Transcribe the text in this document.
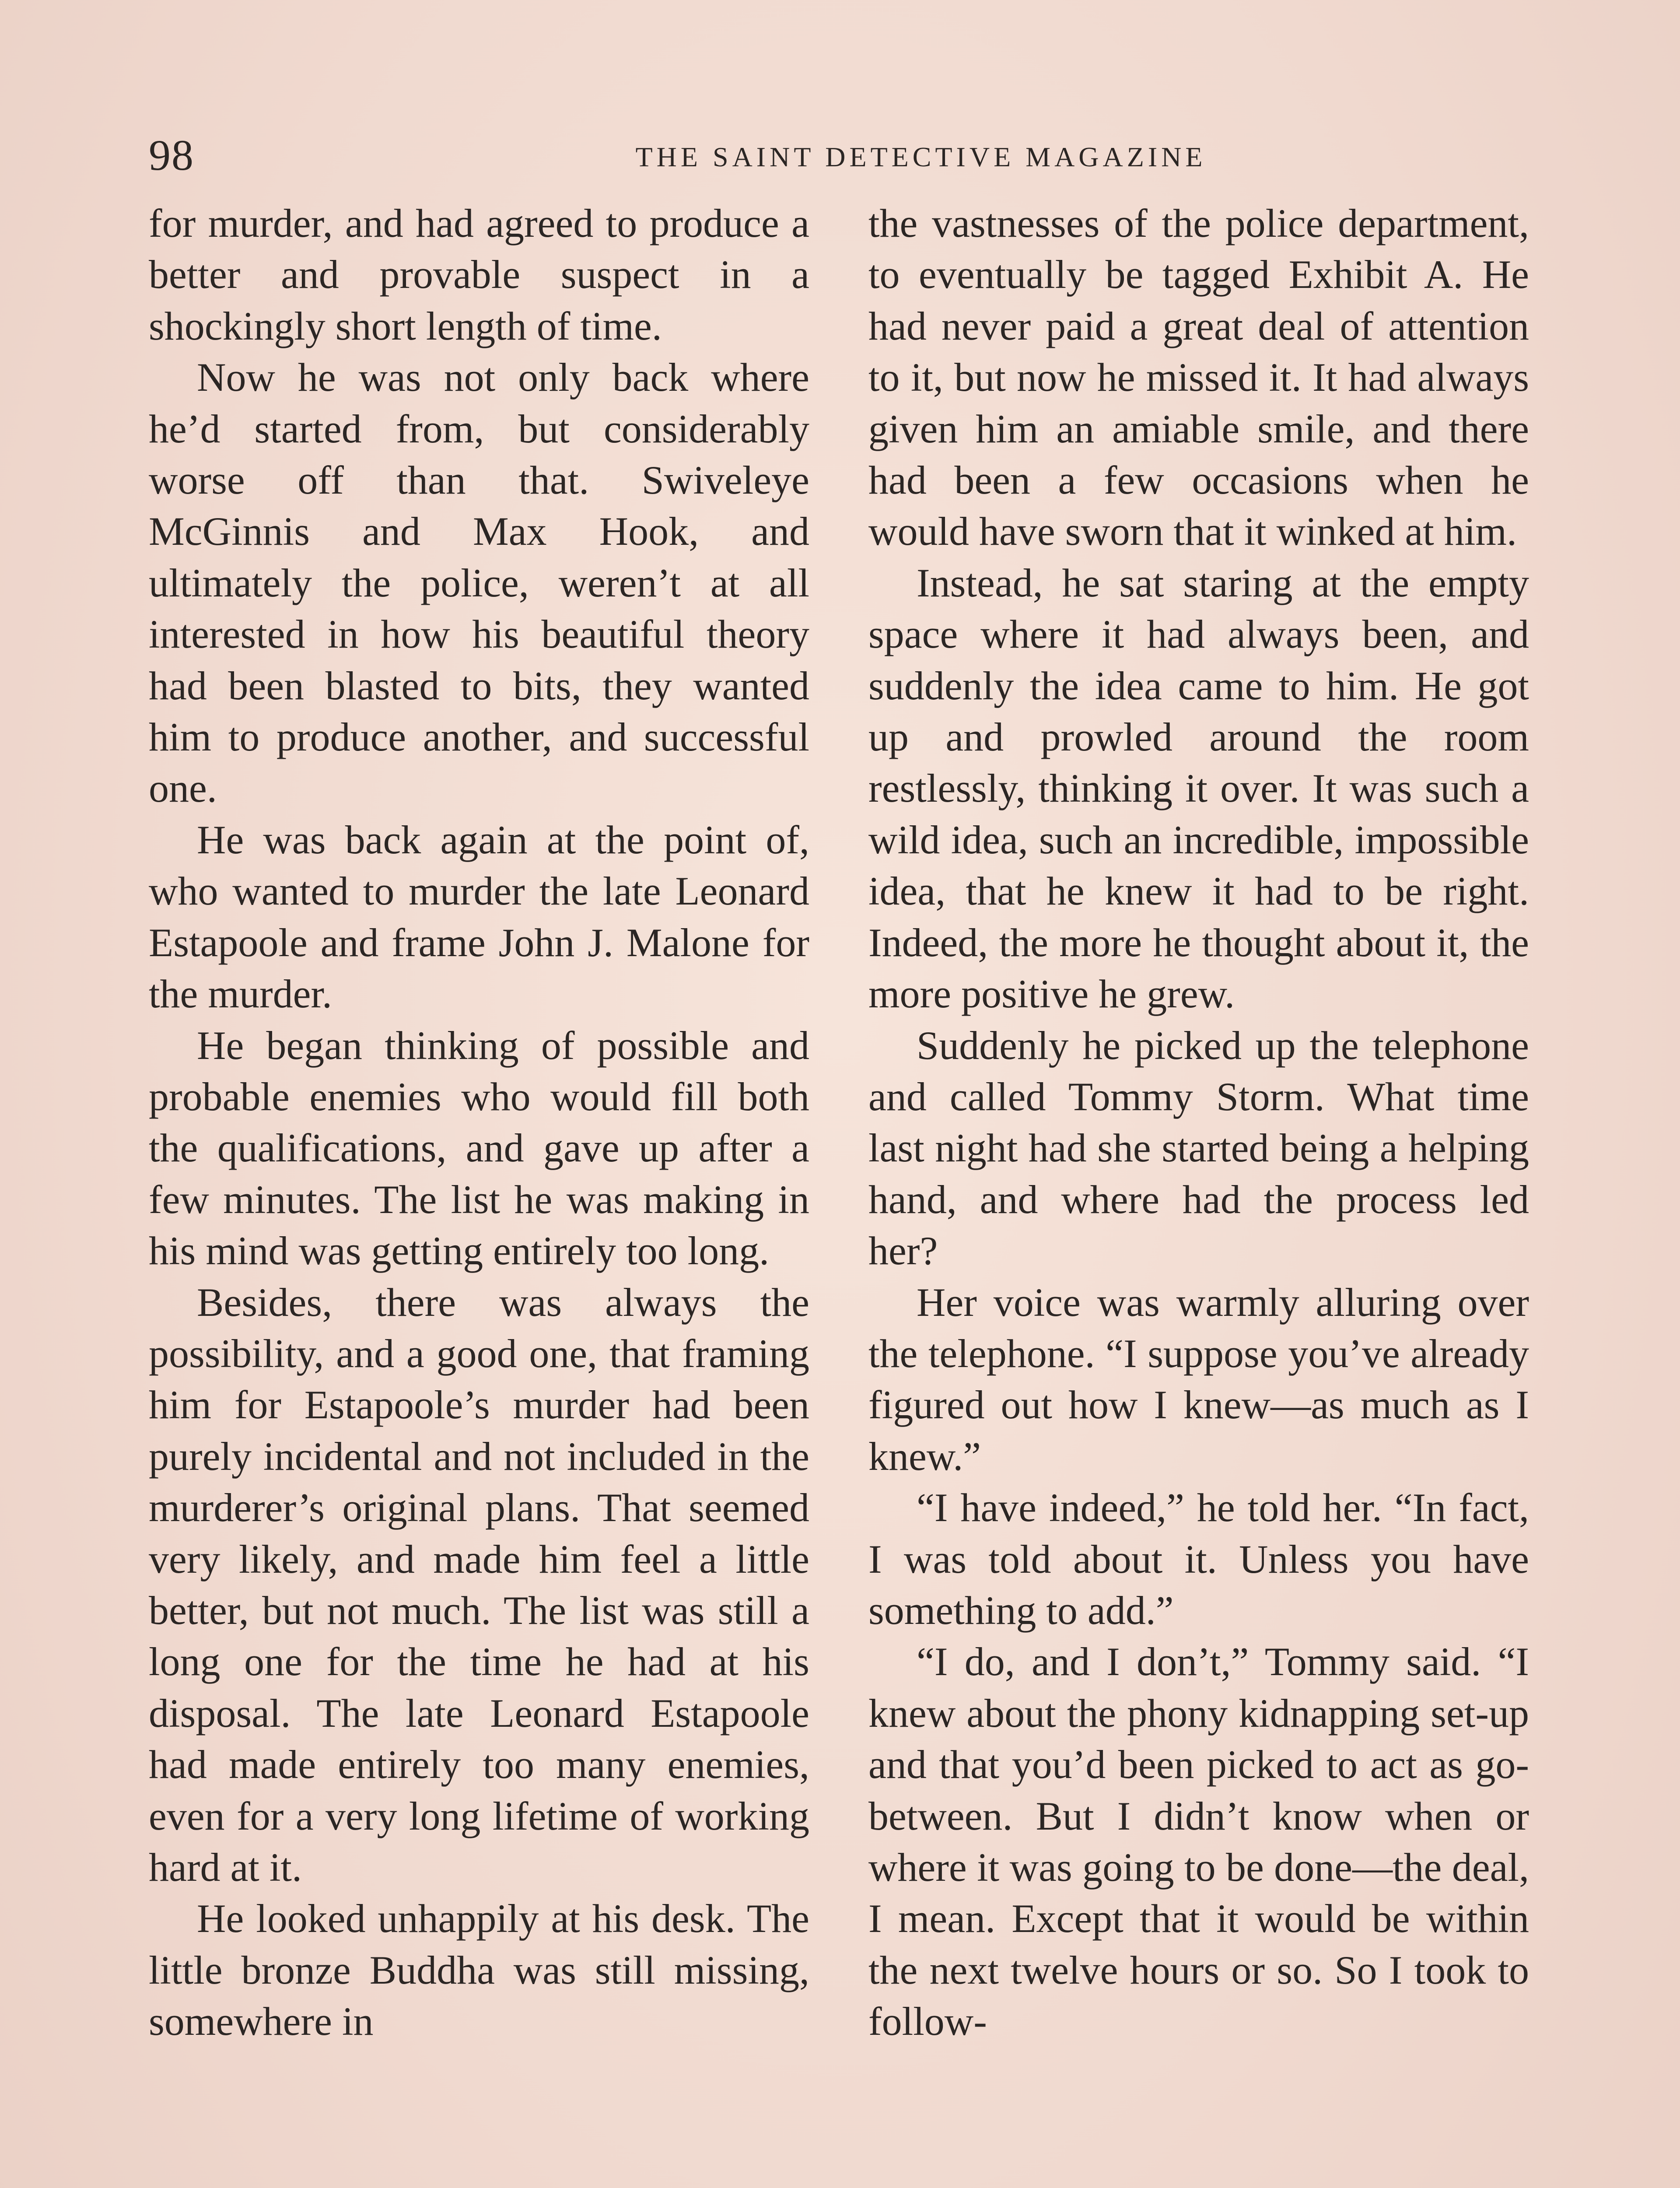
98	THE SAINT DETECTIVE MAGAZINE

for murder, and had agreed to produce a better and provable suspect in a shockingly short length of time.

Now he was not only back where he’d started from, but considerably worse off than that. Swiveleye McGinnis and Max Hook, and ultimately the police, weren’t at all interested in how his beautiful theory had been blasted to bits, they wanted him to produce another, and successful one.

He was back again at the point of, who wanted to murder the late Leonard Estapoole and frame John J. Malone for the murder.

He began thinking of possible and probable enemies who would fill both the qualifications, and gave up after a few minutes. The list he was making in his mind was getting entirely too long.

Besides, there was always the possibility, and a good one, that framing him for Estapoole’s murder had been purely incidental and not included in the murderer’s original plans. That seemed very likely, and made him feel a little better, but not much. The list was still a long one for the time he had at his disposal. The late Leonard Estapoole had made entirely too many enemies, even for a very long lifetime of working hard at it.

He looked unhappily at his desk. The little bronze Buddha was still missing, somewhere in

the vastnesses of the police department, to eventually be tagged Exhibit A. He had never paid a great deal of attention to it, but now he missed it. It had always given him an amiable smile, and there had been a few occasions when he would have sworn that it winked at him.

Instead, he sat staring at the empty space where it had always been, and suddenly the idea came to him. He got up and prowled around the room restlessly, thinking it over. It was such a wild idea, such an incredible, impossible idea, that he knew it had to be right. Indeed, the more he thought about it, the more positive he grew.

Suddenly he picked up the telephone and called Tommy Storm. What time last night had she started being a helping hand, and where had the process led her?

Her voice was warmly alluring over the telephone. “I suppose you’ve already figured out how I knew—as much as I knew.”

“I have indeed,” he told her. “In fact, I was told about it. Unless you have something to add.”

“I do, and I don’t,” Tommy said. “I knew about the phony kidnapping set-up and that you’d been picked to act as go-between. But I didn’t know when or where it was going to be done—the deal, I mean. Except that it would be within the next twelve hours or so. So I took to follow-
